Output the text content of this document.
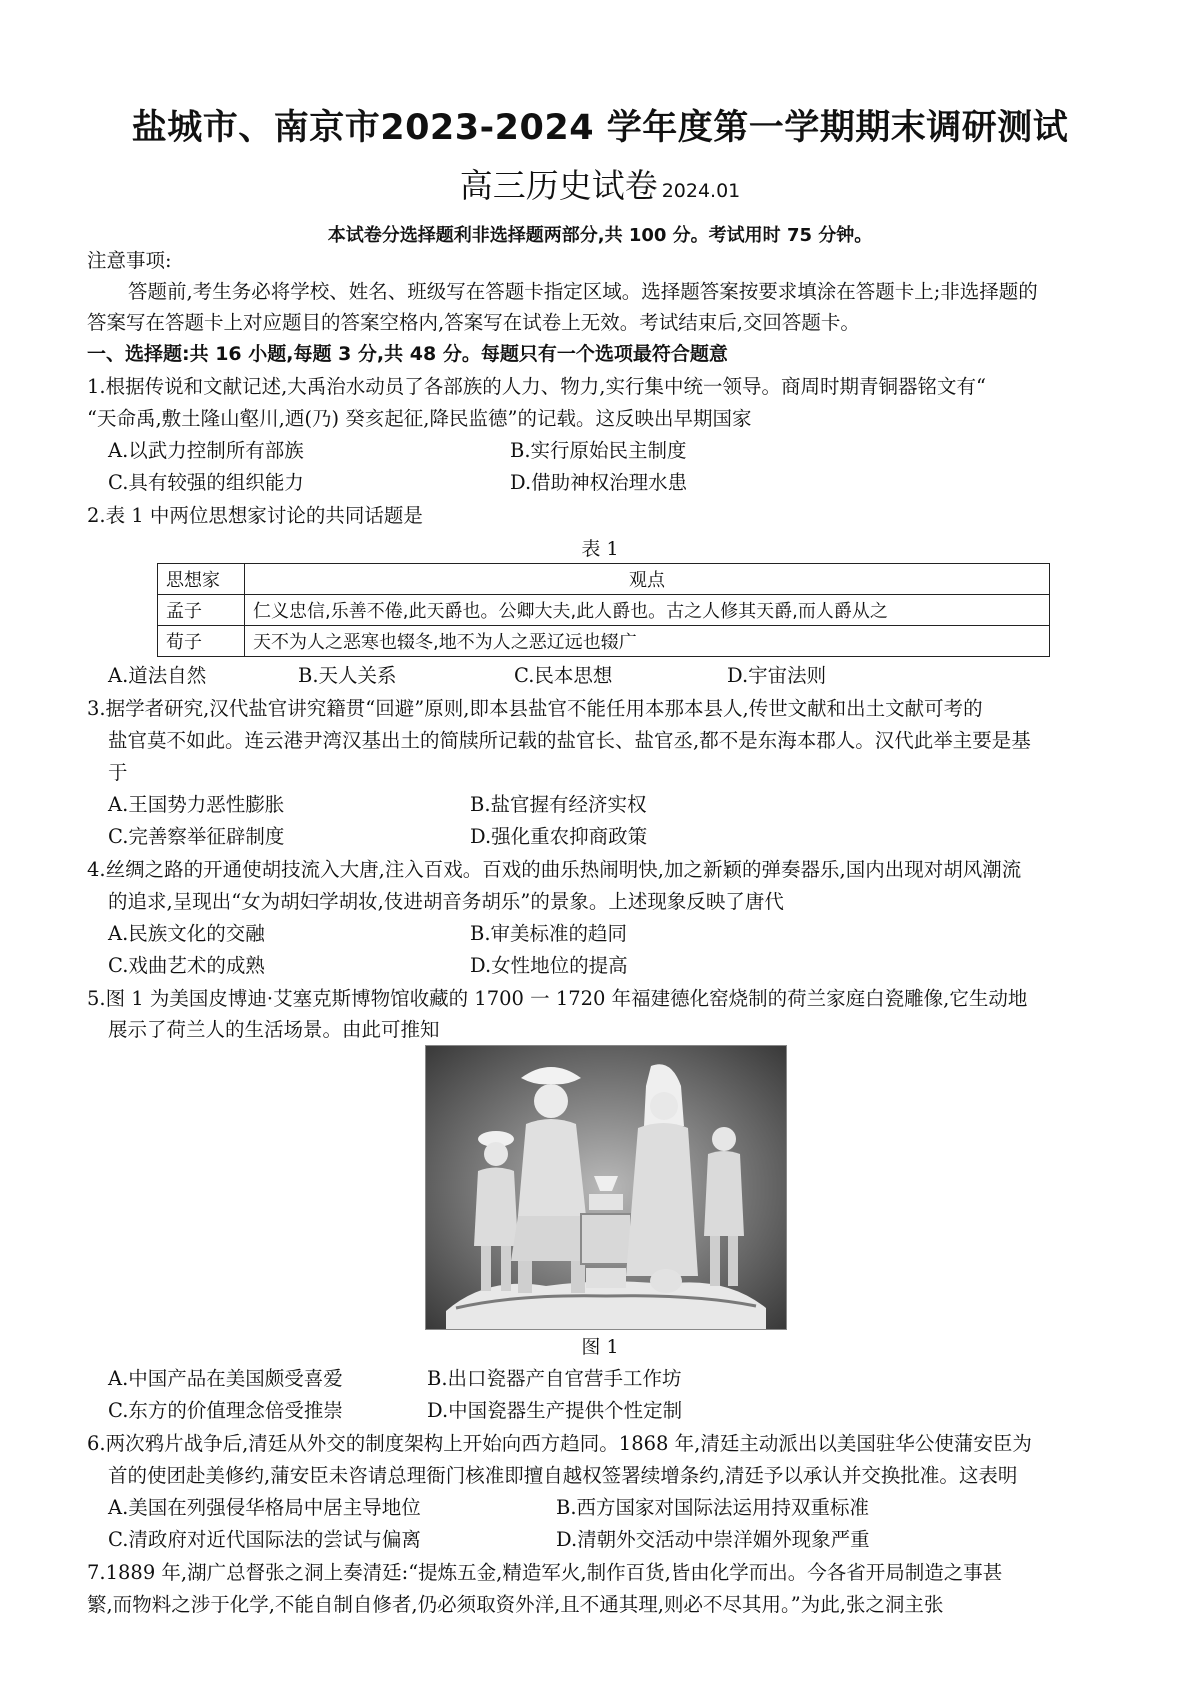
盐城市、南京市2023-2024 学年度第一学期期末调研测试
高三历史试卷 2024.01
本试卷分选择题利非选择题两部分,共 100 分。考试用时 75 分钟。
注意事项:
答题前,考生务必将学校、姓名、班级写在答题卡指定区域。选择题答案按要求填涂在答题卡上;非选择题的
答案写在答题卡上对应题目的答案空格内,答案写在试卷上无效。考试结束后,交回答题卡。
一、选择题:共 16 小题,每题 3 分,共 48 分。每题只有一个选项最符合题意
1.根据传说和文献记述,大禹治水动员了各部族的人力、物力,实行集中统一领导。商周时期青铜器铭文有“
“天命禹,敷土隆山壑川,迺(乃) 癸亥起征,降民监德”的记载。这反映出早期国家
A.以武力控制所有部族	B.实行原始民主制度
C.具有较强的组织能力	D.借助神权治理水患
2.表 1 中两位思想家讨论的共同话题是
表 1
思想家	观点
孟子	仁义忠信,乐善不倦,此天爵也。公卿大夫,此人爵也。古之人修其天爵,而人爵从之
荀子	天不为人之恶寒也辍冬,地不为人之恶辽远也辍广
A.道法自然	B.天人关系	C.民本思想	D.宇宙法则
3.据学者研究,汉代盐官讲究籍贯“回避”原则,即本县盐官不能任用本那本县人,传世文献和出土文献可考的
盐官莫不如此。连云港尹湾汉基出土的简牍所记载的盐官长、盐官丞,都不是东海本郡人。汉代此举主要是基
于
A.王国势力恶性膨胀	B.盐官握有经济实权
C.完善察举征辟制度	D.强化重农抑商政策
4.丝绸之路的开通使胡技流入大唐,注入百戏。百戏的曲乐热闹明快,加之新颖的弹奏器乐,国内出现对胡风潮流
的追求,呈现出“女为胡妇学胡妆,伎进胡音务胡乐”的景象。上述现象反映了唐代
A.民族文化的交融	B.审美标准的趋同
C.戏曲艺术的成熟	D.女性地位的提高
5.图 1 为美国皮博迪·艾塞克斯博物馆收藏的 1700 一 1720 年福建德化窑烧制的荷兰家庭白瓷雕像,它生动地
展示了荷兰人的生活场景。由此可推知
图 1
A.中国产品在美国颇受喜爱	B.出口瓷器产自官营手工作坊
C.东方的价值理念倍受推崇	D.中国瓷器生产提供个性定制
6.两次鸦片战争后,清廷从外交的制度架构上开始向西方趋同。1868 年,清廷主动派出以美国驻华公使蒲安臣为
首的使团赴美修约,蒲安臣未咨请总理衙门核准即擅自越权签署续增条约,清廷予以承认并交换批准。这表明
A.美国在列强侵华格局中居主导地位	B.西方国家对国际法运用持双重标准
C.清政府对近代国际法的尝试与偏离	D.清朝外交活动中崇洋媚外现象严重
7.1889 年,湖广总督张之洞上奏清廷:“提炼五金,精造军火,制作百货,皆由化学而出。今各省开局制造之事甚
繁,而物料之涉于化学,不能自制自修者,仍必须取资外洋,且不通其理,则必不尽其用。”为此,张之洞主张
